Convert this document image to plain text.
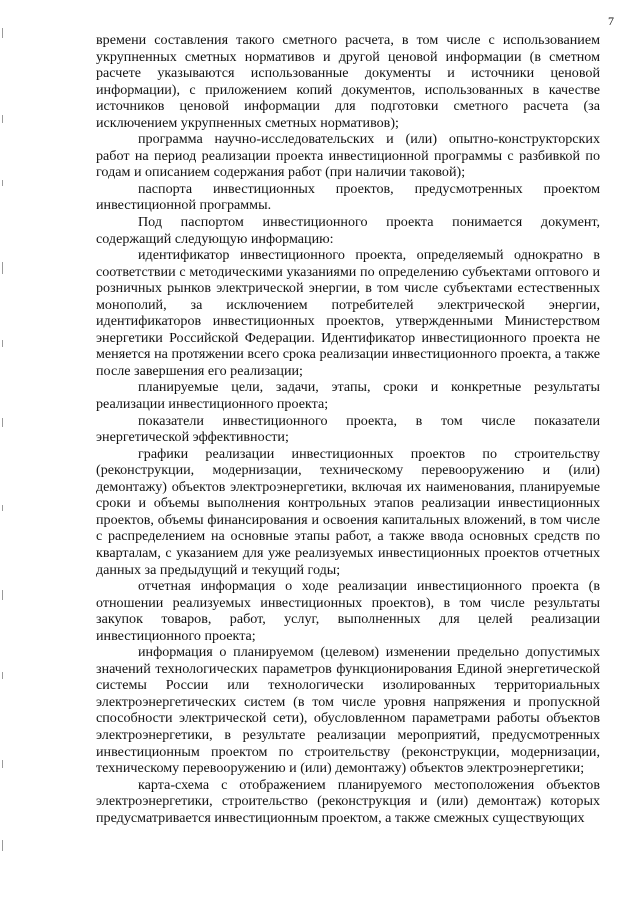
7

времени составления такого сметного расчета, в том числе с использованием укрупненных сметных нормативов и другой ценовой информации (в сметном расчете указываются использованные документы и источники ценовой информации), с приложением копий документов, использованных в качестве источников ценовой информации для подготовки сметного расчета (за исключением укрупненных сметных нормативов);

программа научно-исследовательских и (или) опытно-конструкторских работ на период реализации проекта инвестиционной программы с разбивкой по годам и описанием содержания работ (при наличии таковой);

паспорта инвестиционных проектов, предусмотренных проектом инвестиционной программы.

Под паспортом инвестиционного проекта понимается документ, содержащий следующую информацию:

идентификатор инвестиционного проекта, определяемый однократно в соответствии с методическими указаниями по определению субъектами оптового и розничных рынков электрической энергии, в том числе субъектами естественных монополий, за исключением потребителей электрической энергии, идентификаторов инвестиционных проектов, утвержденными Министерством энергетики Российской Федерации. Идентификатор инвестиционного проекта не меняется на протяжении всего срока реализации инвестиционного проекта, а также после завершения его реализации;

планируемые цели, задачи, этапы, сроки и конкретные результаты реализации инвестиционного проекта;

показатели инвестиционного проекта, в том числе показатели энергетической эффективности;

графики реализации инвестиционных проектов по строительству (реконструкции, модернизации, техническому перевооружению и (или) демонтажу) объектов электроэнергетики, включая их наименования, планируемые сроки и объемы выполнения контрольных этапов реализации инвестиционных проектов, объемы финансирования и освоения капитальных вложений, в том числе с распределением на основные этапы работ, а также ввода основных средств по кварталам, с указанием для уже реализуемых инвестиционных проектов отчетных данных за предыдущий и текущий годы;

отчетная информация о ходе реализации инвестиционного проекта (в отношении реализуемых инвестиционных проектов), в том числе результаты закупок товаров, работ, услуг, выполненных для целей реализации инвестиционного проекта;

информация о планируемом (целевом) изменении предельно допустимых значений технологических параметров функционирования Единой энергетической системы России или технологически изолированных территориальных электроэнергетических систем (в том числе уровня напряжения и пропускной способности электрической сети), обусловленном параметрами работы объектов электроэнергетики, в результате реализации мероприятий, предусмотренных инвестиционным проектом по строительству (реконструкции, модернизации, техническому перевооружению и (или) демонтажу) объектов электроэнергетики;

карта-схема с отображением планируемого местоположения объектов электроэнергетики, строительство (реконструкция и (или) демонтаж) которых предусматривается инвестиционным проектом, а также смежных существующих
